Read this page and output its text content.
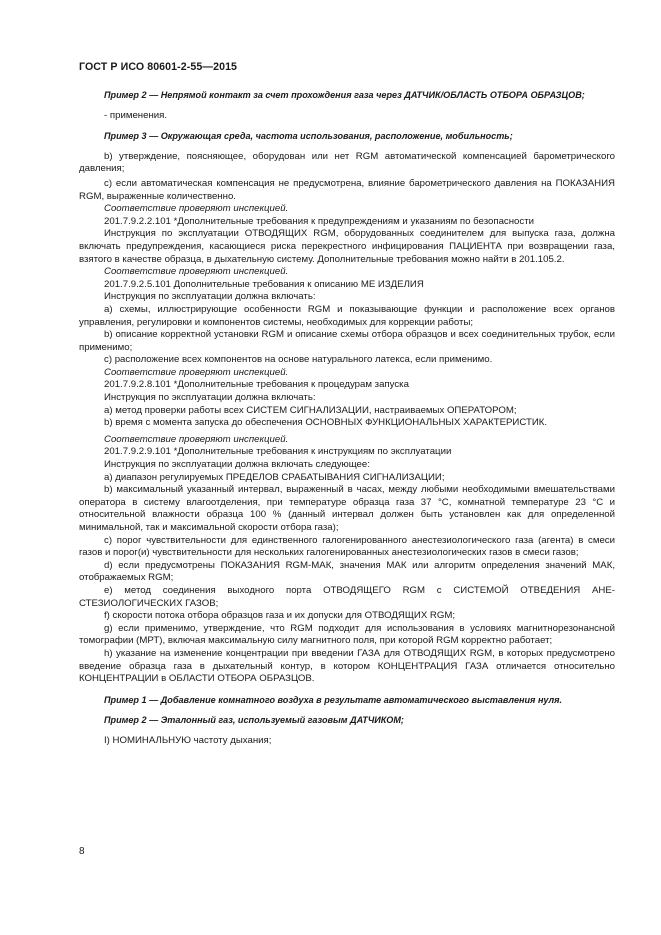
ГОСТ Р ИСО 80601-2-55—2015

Пример 2 — Непрямой контакт за счет прохождения газа через ДАТЧИК/ОБЛАСТЬ ОТБОРА ОБРАЗЦОВ;

- применения.

Пример 3 — Окружающая среда, частота использования, расположение, мобильность;

b) утверждение, поясняющее, оборудован или нет RGM автоматической компенсацией барометрического давления;

c) если автоматическая компенсация не предусмотрена, влияние барометрического давления на ПОКАЗАНИЯ RGM, выраженные количественно.

Соответствие проверяют инспекцией.

201.7.9.2.2.101 *Дополнительные требования к предупреждениям и указаниям по безопасности

Инструкция по эксплуатации ОТВОДЯЩИХ RGM, оборудованных соединителем для выпуска газа, должна включать предупреждения, касающиеся риска перекрестного инфицирования ПАЦИЕНТА при возвращении газа, взятого в качестве образца, в дыхательную систему. Дополнительные требования можно найти в 201.105.2.

Соответствие проверяют инспекцией.

201.7.9.2.5.101 Дополнительные требования к описанию МЕ ИЗДЕЛИЯ

Инструкция по эксплуатации должна включать:

a) схемы, иллюстрирующие особенности RGM и показывающие функции и расположение всех органов управления, регулировки и компонентов системы, необходимых для коррекции работы;

b) описание корректной установки RGM и описание схемы отбора образцов и всех соединительных трубок, если применимо;

c) расположение всех компонентов на основе натурального латекса, если применимо.

Соответствие проверяют инспекцией.

201.7.9.2.8.101 *Дополнительные требования к процедурам запуска

Инструкция по эксплуатации должна включать:

a) метод проверки работы всех СИСТЕМ СИГНАЛИЗАЦИИ, настраиваемых ОПЕРАТОРОМ;

b) время с момента запуска до обеспечения ОСНОВНЫХ ФУНКЦИОНАЛЬНЫХ ХАРАКТЕРИСТИК.

Соответствие проверяют инспекцией.

201.7.9.2.9.101 *Дополнительные требования к инструкциям по эксплуатации

Инструкция по эксплуатации должна включать следующее:

a) диапазон регулируемых ПРЕДЕЛОВ СРАБАТЫВАНИЯ СИГНАЛИЗАЦИИ;

b) максимальный указанный интервал, выраженный в часах, между любыми необходимыми вмешательствами оператора в систему влагоотделения, при температуре образца газа 37 °С, комнатной температуре 23 °С и относительной влажности образца 100 % (данный интервал должен быть установлен как для определенной минимальной, так и максимальной скорости отбора газа);

c) порог чувствительности для единственного галогенированного анестезиологического газа (агента) в смеси газов и порог(и) чувствительности для нескольких галогенированных анестезиологических газов в смеси газов;

d) если предусмотрены ПОКАЗАНИЯ RGM-МАК, значения МАК или алгоритм определения значений МАК, отображаемых RGM;

e) метод соединения выходного порта ОТВОДЯЩЕГО RGM с СИСТЕМОЙ ОТВЕДЕНИЯ АНЕСТЕЗИОЛОГИЧЕСКИХ ГАЗОВ;

f) скорости потока отбора образцов газа и их допуски для ОТВОДЯЩИХ RGM;

g) если применимо, утверждение, что RGM подходит для использования в условиях магнитнорезонансной томографии (МРТ), включая максимальную силу магнитного поля, при которой RGM корректно работает;

h) указание на изменение концентрации при введении ГАЗА для ОТВОДЯЩИХ RGM, в которых предусмотрено введение образца газа в дыхательный контур, в котором КОНЦЕНТРАЦИЯ ГАЗА отличается относительно КОНЦЕНТРАЦИИ в ОБЛАСТИ ОТБОРА ОБРАЗЦОВ.

Пример 1 — Добавление комнатного воздуха в результате автоматического выставления нуля.

Пример 2 — Эталонный газ, используемый газовым ДАТЧИКОМ;

I) НОМИНАЛЬНУЮ частоту дыхания;

8
